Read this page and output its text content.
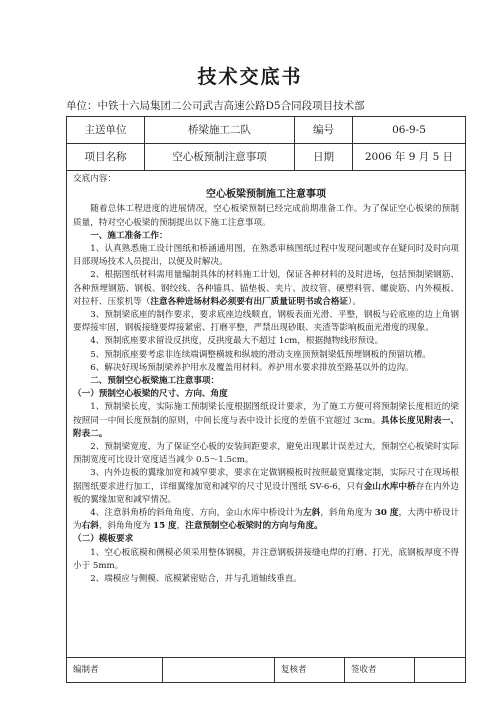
技术交底书
单位：中铁十六局集团二公司武吉高速公路D5合同段项目技术部
主送单位	桥梁施工二队	编号	06-9-5
项目名称	空心板预制注意事项	日期	2006 年 9 月 5 日

交底内容：

空心板梁预制施工注意事项

随着总体工程进度的进展情况，空心板梁预制已经完成前期准备工作。为了保证空心板梁的预制质量，特对空心板梁的预制提出以下施工注意事项。

一、施工准备工作：

1、认真熟悉施工设计图纸和桥涵通用图，在熟悉审核图纸过程中发现问题或存在疑问时及时向项目部现场技术人员提出，以便及时解决。

2、根据图纸材料需用量编制具体的材料施工计划，保证各种材料的及时进场，包括预制梁钢筋、各种预埋钢筋、钢板、钢绞线、各种锚具、锚垫板、夹片、波纹管、硬塑料管、螺旋筋、内外模板、对拉杆、压浆机等（注意各种进场材料必须要有出厂质量证明书或合格证）。

3、预制梁底座的制作要求，要求底座边线顺直，钢板表面光滑、平整，钢板与砼底座的边上角钢要焊接牢固，钢板接缝要焊接紧密、打磨平整，严禁出现砂眼、夹渣等影响板面光滑度的现象。

4、预制底座要求留设反拱度，反拱度最大不超过 1cm，根据抛物线形预设。

5、预制底座要考虑非连续端调整横坡和纵坡的滑动支座顶预制梁低预埋钢板的预留坑槽。

6、解决好现场预制梁养护用水及覆盖用材料。养护用水要求排放至路基以外的边沟。

二、预制空心板梁施工注意事项：

（一）预制空心板梁的尺寸、方向、角度

1、预制梁长度，实际施工预制梁长度根据图纸设计要求，为了施工方便可将预制梁长度相近的梁按照同一中间长度预制的原则，中间长度与表中设计长度的差值不宜超过 3cm。具体长度见附表一、附表二。

2、预制梁宽度，为了保证空心板的安装间距要求，避免出现累计误差过大，预制空心板梁时实际预制宽度可比设计宽度适当减少 0.5～1.5cm。

3、内外边板的翼缘加宽和减窄要求，要求在定做钢模板时按照最宽翼缘定制，实际尺寸在现场根据图纸要求进行加工，详细翼缘加宽和减窄的尺寸见设计图纸 SV-6-6，只有金山水库中桥存在内外边板的翼缘加宽和减窄情况。

4、注意斜角桥的斜角角度、方向，金山水库中桥设计为左斜，斜角角度为 30 度，大湾中桥设计为右斜，斜角角度为 15 度，注意预制空心板梁时的方向与角度。

（二）模板要求

1、空心板底模和侧模必须采用整体钢模，并注意钢板拼接缝电焊的打磨、打光，底钢板厚度不得小于 5mm。

2、端模应与侧模、底模紧密贴合，并与孔道轴线垂直。

编制者	复核者	签收者
